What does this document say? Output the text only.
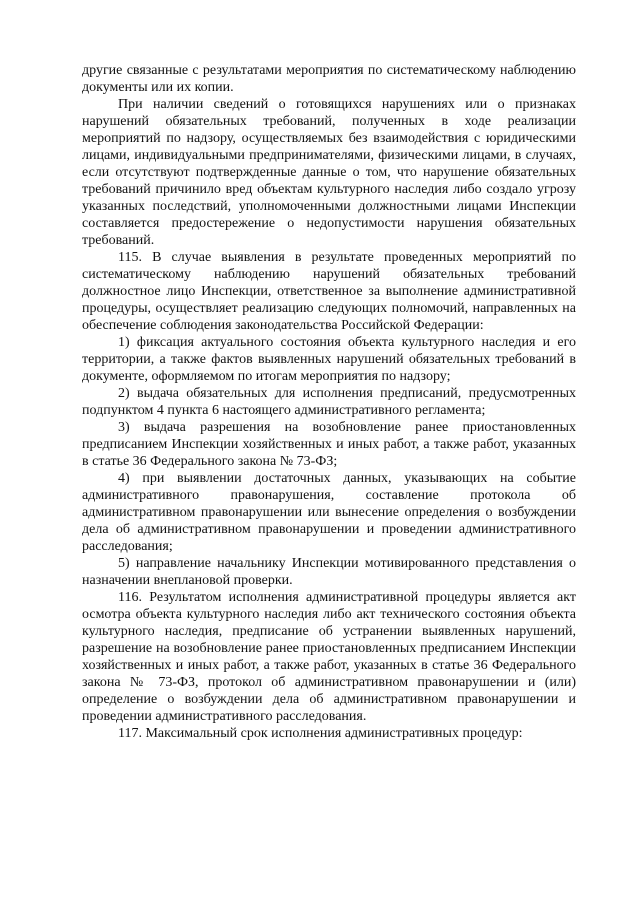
другие связанные с результатами мероприятия по систематическому наблюдению документы или их копии.

При наличии сведений о готовящихся нарушениях или о признаках нарушений обязательных требований, полученных в ходе реализации мероприятий по надзору, осуществляемых без взаимодействия с юридическими лицами, индивидуальными предпринимателями, физическими лицами, в случаях, если отсутствуют подтвержденные данные о том, что нарушение обязательных требований причинило вред объектам культурного наследия либо создало угрозу указанных последствий, уполномоченными должностными лицами Инспекции составляется предостережение о недопустимости нарушения обязательных требований.

115. В случае выявления в результате проведенных мероприятий по систематическому наблюдению нарушений обязательных требований должностное лицо Инспекции, ответственное за выполнение административной процедуры, осуществляет реализацию следующих полномочий, направленных на обеспечение соблюдения законодательства Российской Федерации:

1) фиксация актуального состояния объекта культурного наследия и его территории, а также фактов выявленных нарушений обязательных требований в документе, оформляемом по итогам мероприятия по надзору;

2) выдача обязательных для исполнения предписаний, предусмотренных подпунктом 4 пункта 6 настоящего административного регламента;

3) выдача разрешения на возобновление ранее приостановленных предписанием Инспекции хозяйственных и иных работ, а также работ, указанных в статье 36 Федерального закона № 73-ФЗ;

4) при выявлении достаточных данных, указывающих на событие административного правонарушения, составление протокола об административном правонарушении или вынесение определения о возбуждении дела об административном правонарушении и проведении административного расследования;

5) направление начальнику Инспекции мотивированного представления о назначении внеплановой проверки.

116. Результатом исполнения административной процедуры является акт осмотра объекта культурного наследия либо акт технического состояния объекта культурного наследия, предписание об устранении выявленных нарушений, разрешение на возобновление ранее приостановленных предписанием Инспекции хозяйственных и иных работ, а также работ, указанных в статье 36 Федерального закона № 73-ФЗ, протокол об административном правонарушении и (или) определение о возбуждении дела об административном правонарушении и проведении административного расследования.

117. Максимальный срок исполнения административных процедур:
